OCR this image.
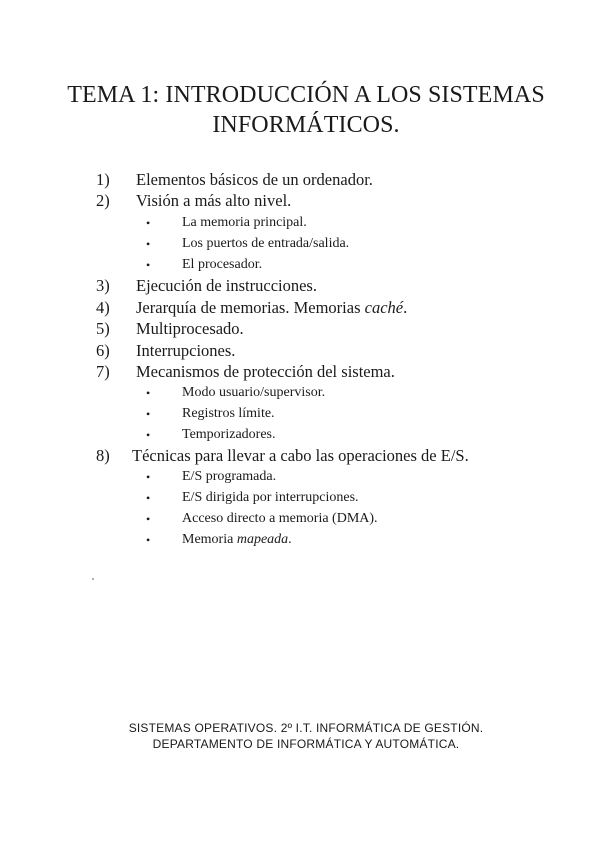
TEMA 1: INTRODUCCIÓN A LOS SISTEMAS
INFORMÁTICOS.
1) Elementos básicos de un ordenador.
2) Visión a más alto nivel.
• La memoria principal.
• Los puertos de entrada/salida.
• El procesador.
3) Ejecución de instrucciones.
4) Jerarquía de memorias. Memorias caché.
5) Multiprocesado.
6) Interrupciones.
7) Mecanismos de protección del sistema.
• Modo usuario/supervisor.
• Registros límite.
• Temporizadores.
8) Técnicas para llevar a cabo las operaciones de E/S.
• E/S programada.
• E/S dirigida por interrupciones.
• Acceso directo a memoria (DMA).
• Memoria mapeada.
SISTEMAS OPERATIVOS. 2º I.T. INFORMÁTICA DE GESTIÓN.
DEPARTAMENTO DE INFORMÁTICA Y AUTOMÁTICA.
